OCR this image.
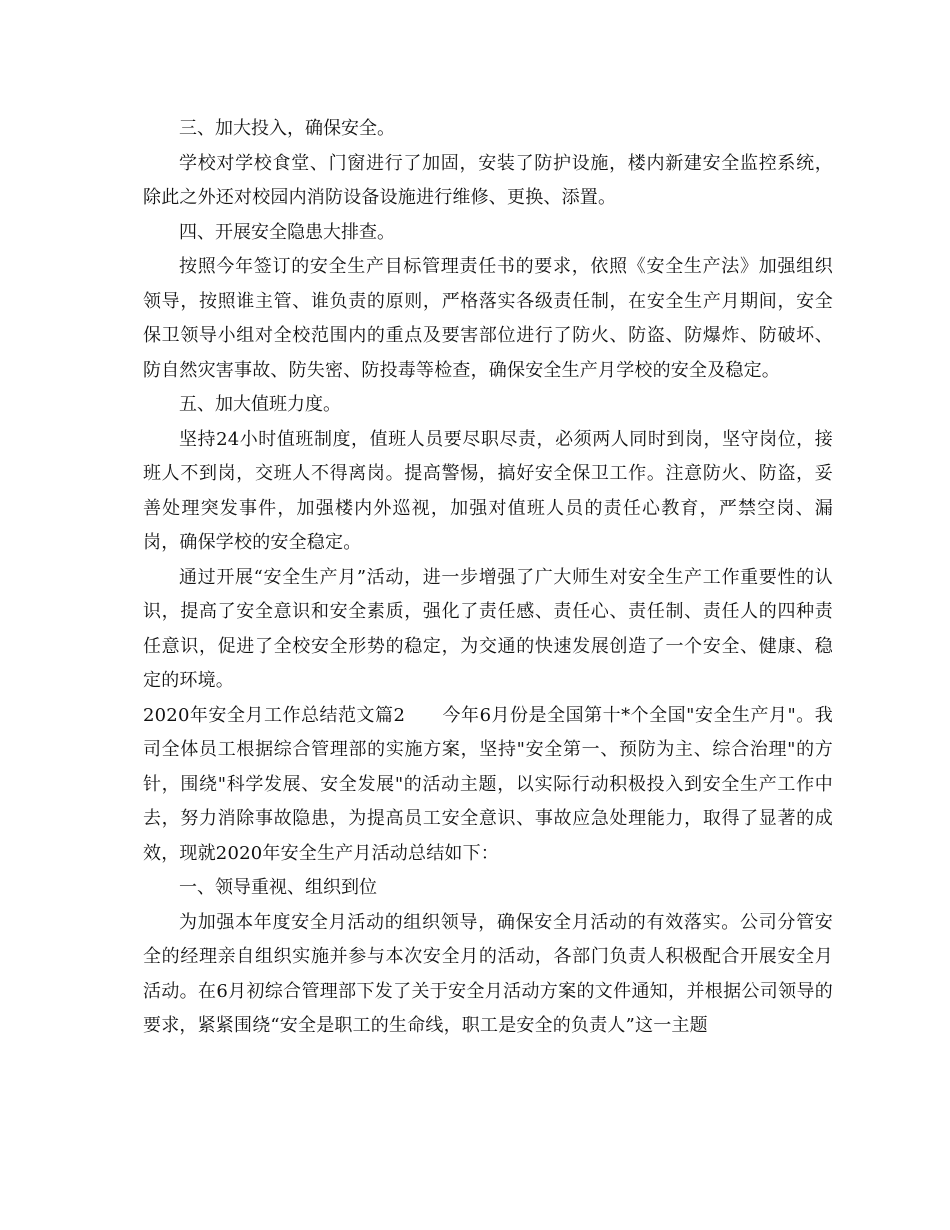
三、加大投入，确保安全。

学校对学校食堂、门窗进行了加固，安装了防护设施，楼内新建安全监控系统，除此之外还对校园内消防设备设施进行维修、更换、添置。

四、开展安全隐患大排查。

按照今年签订的安全生产目标管理责任书的要求，依照《安全生产法》加强组织领导，按照谁主管、谁负责的原则，严格落实各级责任制，在安全生产月期间，安全保卫领导小组对全校范围内的重点及要害部位进行了防火、防盗、防爆炸、防破坏、防自然灾害事故、防失密、防投毒等检查，确保安全生产月学校的安全及稳定。

五、加大值班力度。

坚持24小时值班制度，值班人员要尽职尽责，必须两人同时到岗，坚守岗位，接班人不到岗，交班人不得离岗。提高警惕，搞好安全保卫工作。注意防火、防盗，妥善处理突发事件，加强楼内外巡视，加强对值班人员的责任心教育，严禁空岗、漏岗，确保学校的安全稳定。

通过开展“安全生产月”活动，进一步增强了广大师生对安全生产工作重要性的认识，提高了安全意识和安全素质，强化了责任感、责任心、责任制、责任人的四种责任意识，促进了全校安全形势的稳定，为交通的快速发展创造了一个安全、健康、稳定的环境。

2020年安全月工作总结范文篇2　　 今年6月份是全国第十*个全国"安全生产月"。我司全体员工根据综合管理部的实施方案，坚持"安全第一、预防为主、综合治理"的方针，围绕"科学发展、安全发展"的活动主题，以实际行动积极投入到安全生产工作中去，努力消除事故隐患，为提高员工安全意识、事故应急处理能力，取得了显著的成效，现就2020年安全生产月活动总结如下：

一、领导重视、组织到位

为加强本年度安全月活动的组织领导，确保安全月活动的有效落实。公司分管安全的经理亲自组织实施并参与本次安全月的活动，各部门负责人积极配合开展安全月活动。在6月初综合管理部下发了关于安全月活动方案的文件通知，并根据公司领导的要求，紧紧围绕“安全是职工的生命线，职工是安全的负责人”这一主题
